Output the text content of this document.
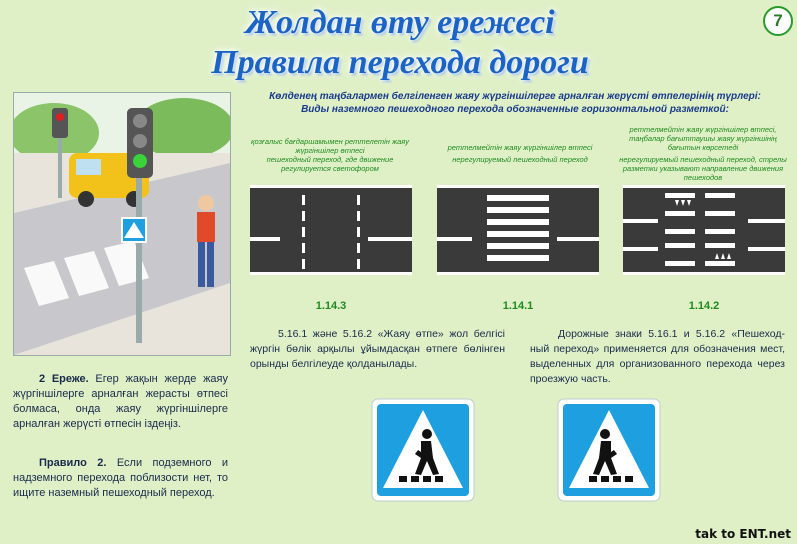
Жолдан өту ережесі
Правила перехода дороги
7
Көлденең таңбалармен белгіленген жаяу жүргіншілерге арналған жерүсті өтпелерінің түрлері:
Виды наземного пешеходного перехода обозначенные горизонтальной разметкой:
қозғалыс бағдаршамымен реттелетін жаяу жүргіншілер өтпесі
пешеходный переход, где движение регулируется светофором
реттелмейтін жаяу жүргіншілер өтпесі
нерегулируемый пешеходный переход
реттелмейтін жаяу жүргіншілер өтпесі, таңбалар бағыттаушы жаяу жүргіншінің бағытын көрсетеді
нерегулируемый пешеходный переход, стрелы разметки указывают направление движения пешеходов
1.14.3	1.14.1	1.14.2
5.16.1 және 5.16.2 «Жаяу өтпе» жол белгісі жүргін бөлік арқылы ұйымдасқан өтпеге бөлінген орынды белгілеуде қолданылады.
Дорожные знаки 5.16.1 и 5.16.2 «Пешеход-ный переход» применяется для обозначения мест, выделенных для организованного перехода через проезжую часть.
2 Ереже. Егер жақын жерде жаяу жүргіншілерге арналған жерасты өтпесі болмаса, онда жаяу жүргіншілерге арналған жерүсті өтпесін іздеңіз.
Правило 2. Если подземного и надземного перехода поблизости нет, то ищите наземный пешеходный переход.
tak to ENT.net
